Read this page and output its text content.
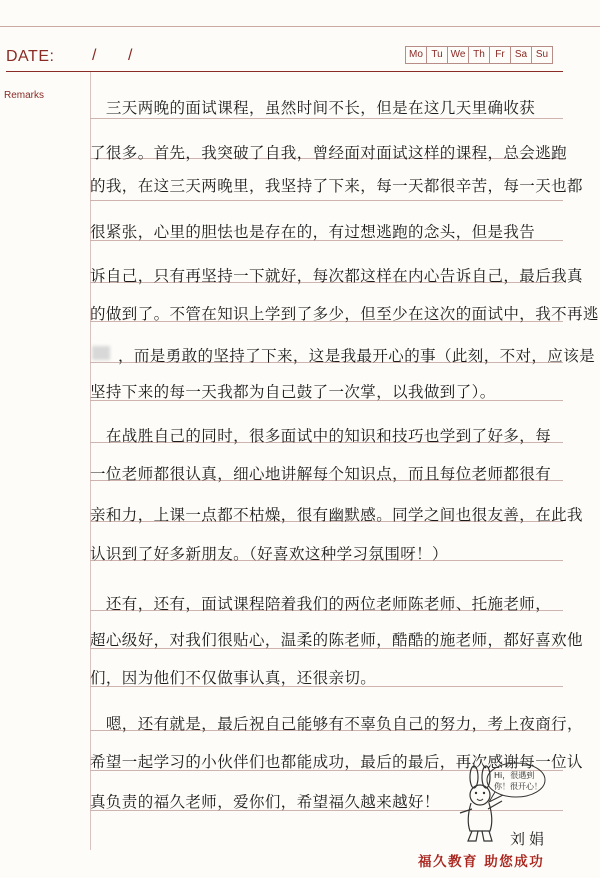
DATE: / /	Mo Tu We Th	Fr	Sa Su
Remarks
　三天两晚的面试课程，虽然时间不长，但是在这几天里确收获
了很多。首先，我突破了自我，曾经面对面试这样的课程，总会逃跑
的我，在这三天两晚里，我坚持了下来，每一天都很辛苦，每一天也都
很紧张，心里的胆怯也是存在的，有过想逃跑的念头，但是我告
诉自己，只有再坚持一下就好，每次都这样在内心告诉自己，最后我真
的做到了。不管在知识上学到了多少，但至少在这次的面试中，我不再逃
，而是勇敢的坚持了下来，这是我最开心的事（此刻，不对，应该是
坚持下来的每一天我都为自己鼓了一次掌，以我做到了）。
　在战胜自己的同时，很多面试中的知识和技巧也学到了好多，每
一位老师都很认真，细心地讲解每个知识点，而且每位老师都很有
亲和力，上课一点都不枯燥，很有幽默感。同学之间也很友善，在此我
认识到了好多新朋友。（好喜欢这种学习氛围呀！）
　还有，还有，面试课程陪着我们的两位老师陈老师、托施老师，
超心级好，对我们很贴心，温柔的陈老师，酷酷的施老师，都好喜欢他
们，因为他们不仅做事认真，还很亲切。
　嗯，还有就是，最后祝自己能够有不辜负自己的努力，考上夜商行，
希望一起学习的小伙伴们也都能成功，最后的最后，再次感谢每一位认
真负责的福久老师，爱你们，希望福久越来越好！
Hi，很遇到你！很开心！
刘娟
福久教育 助您成功
